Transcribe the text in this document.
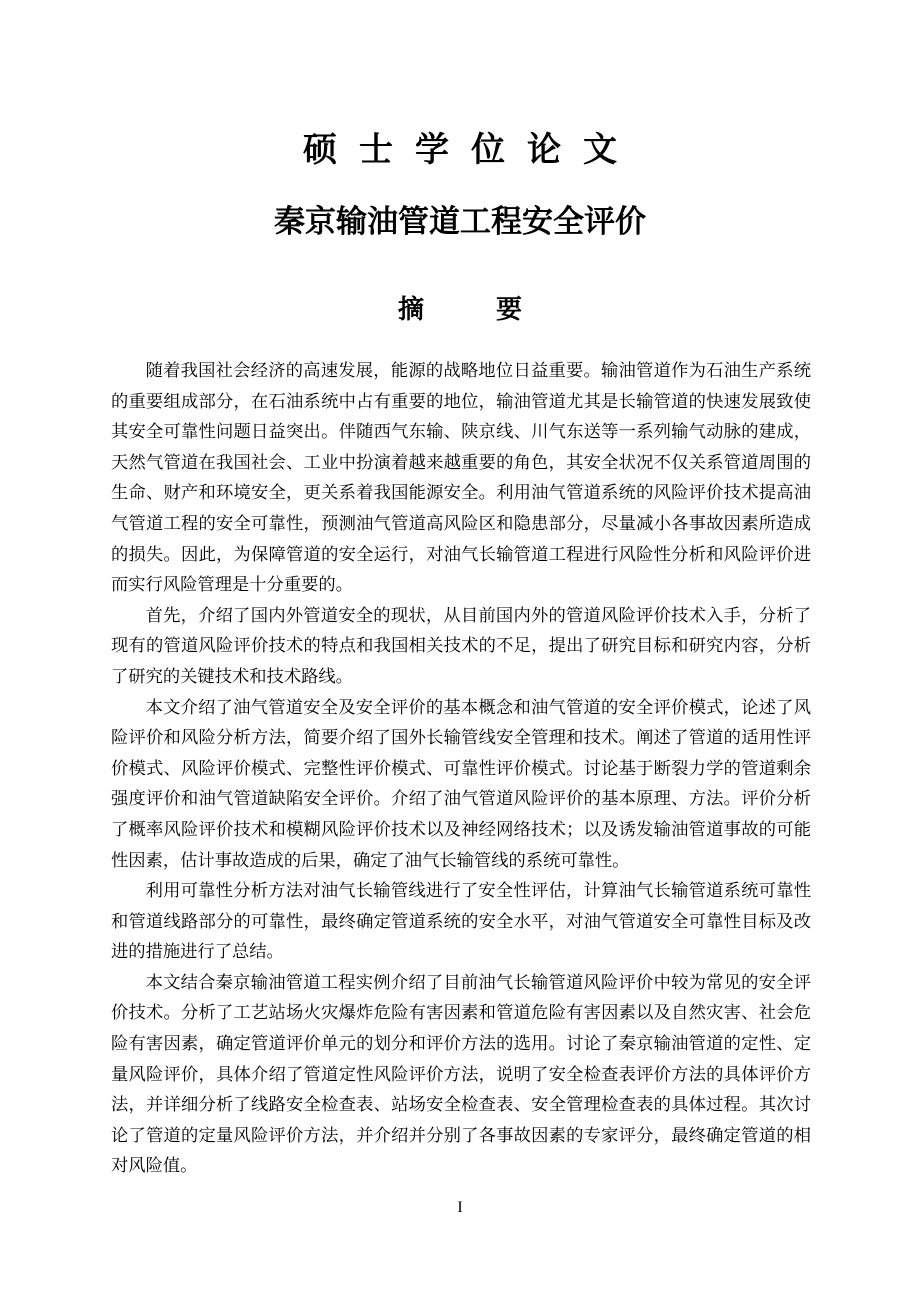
硕士学位论文
秦京输油管道工程安全评价
摘	要

随着我国社会经济的高速发展，能源的战略地位日益重要。输油管道作为石油生产系统的重要组成部分，在石油系统中占有重要的地位，输油管道尤其是长输管道的快速发展致使其安全可靠性问题日益突出。伴随西气东输、陕京线、川气东送等一系列输气动脉的建成，天然气管道在我国社会、工业中扮演着越来越重要的角色，其安全状况不仅关系管道周围的生命、财产和环境安全，更关系着我国能源安全。利用油气管道系统的风险评价技术提高油气管道工程的安全可靠性，预测油气管道高风险区和隐患部分，尽量减小各事故因素所造成的损失。因此，为保障管道的安全运行，对油气长输管道工程进行风险性分析和风险评价进而实行风险管理是十分重要的。

首先，介绍了国内外管道安全的现状，从目前国内外的管道风险评价技术入手，分析了现有的管道风险评价技术的特点和我国相关技术的不足，提出了研究目标和研究内容，分析了研究的关键技术和技术路线。

本文介绍了油气管道安全及安全评价的基本概念和油气管道的安全评价模式，论述了风险评价和风险分析方法，简要介绍了国外长输管线安全管理和技术。阐述了管道的适用性评价模式、风险评价模式、完整性评价模式、可靠性评价模式。讨论基于断裂力学的管道剩余强度评价和油气管道缺陷安全评价。介绍了油气管道风险评价的基本原理、方法。评价分析了概率风险评价技术和模糊风险评价技术以及神经网络技术；以及诱发输油管道事故的可能性因素，估计事故造成的后果，确定了油气长输管线的系统可靠性。

利用可靠性分析方法对油气长输管线进行了安全性评估，计算油气长输管道系统可靠性和管道线路部分的可靠性，最终确定管道系统的安全水平，对油气管道安全可靠性目标及改进的措施进行了总结。

本文结合秦京输油管道工程实例介绍了目前油气长输管道风险评价中较为常见的安全评价技术。分析了工艺站场火灾爆炸危险有害因素和管道危险有害因素以及自然灾害、社会危险有害因素，确定管道评价单元的划分和评价方法的选用。讨论了秦京输油管道的定性、定量风险评价，具体介绍了管道定性风险评价方法，说明了安全检查表评价方法的具体评价方法，并详细分析了线路安全检查表、站场安全检查表、安全管理检查表的具体过程。其次讨论了管道的定量风险评价方法，并介绍并分别了各事故因素的专家评分，最终确定管道的相对风险值。

I
